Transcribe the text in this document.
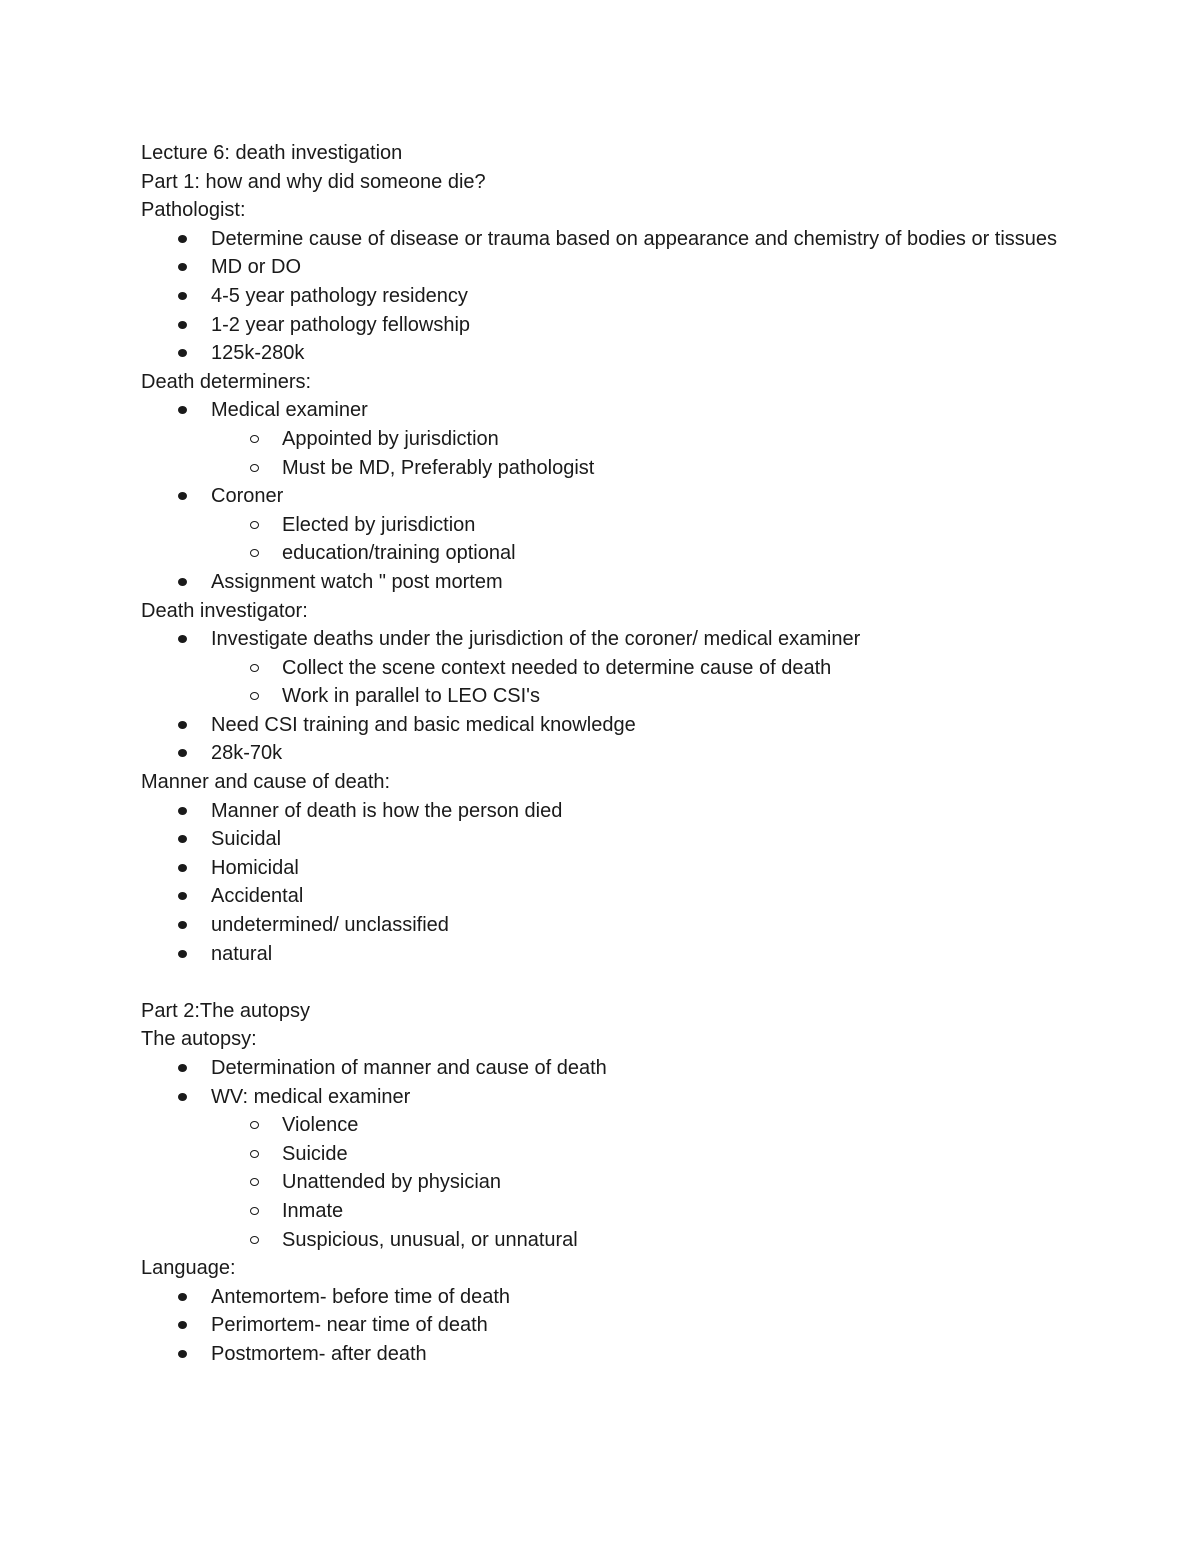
Lecture 6: death investigation
Part 1: how and why did someone die?
Pathologist:
Determine cause of disease or trauma based on appearance and chemistry of bodies or tissues
MD or DO
4-5 year pathology residency
1-2 year pathology fellowship
125k-280k
Death determiners:
Medical examiner
Appointed by jurisdiction
Must be MD, Preferably pathologist
Coroner
Elected by jurisdiction
education/training optional
Assignment watch " post mortem
Death investigator:
Investigate deaths under the jurisdiction of the coroner/ medical examiner
Collect the scene context needed to determine cause of death
Work in parallel to LEO CSI's
Need CSI training and basic medical knowledge
28k-70k
Manner and cause of death:
Manner of death is how the person died
Suicidal
Homicidal
Accidental
undetermined/ unclassified
natural
Part 2:The autopsy
The autopsy:
Determination of manner and cause of death
WV: medical examiner
Violence
Suicide
Unattended by physician
Inmate
Suspicious, unusual, or unnatural
Language:
Antemortem- before time of death
Perimortem- near time of death
Postmortem- after death
